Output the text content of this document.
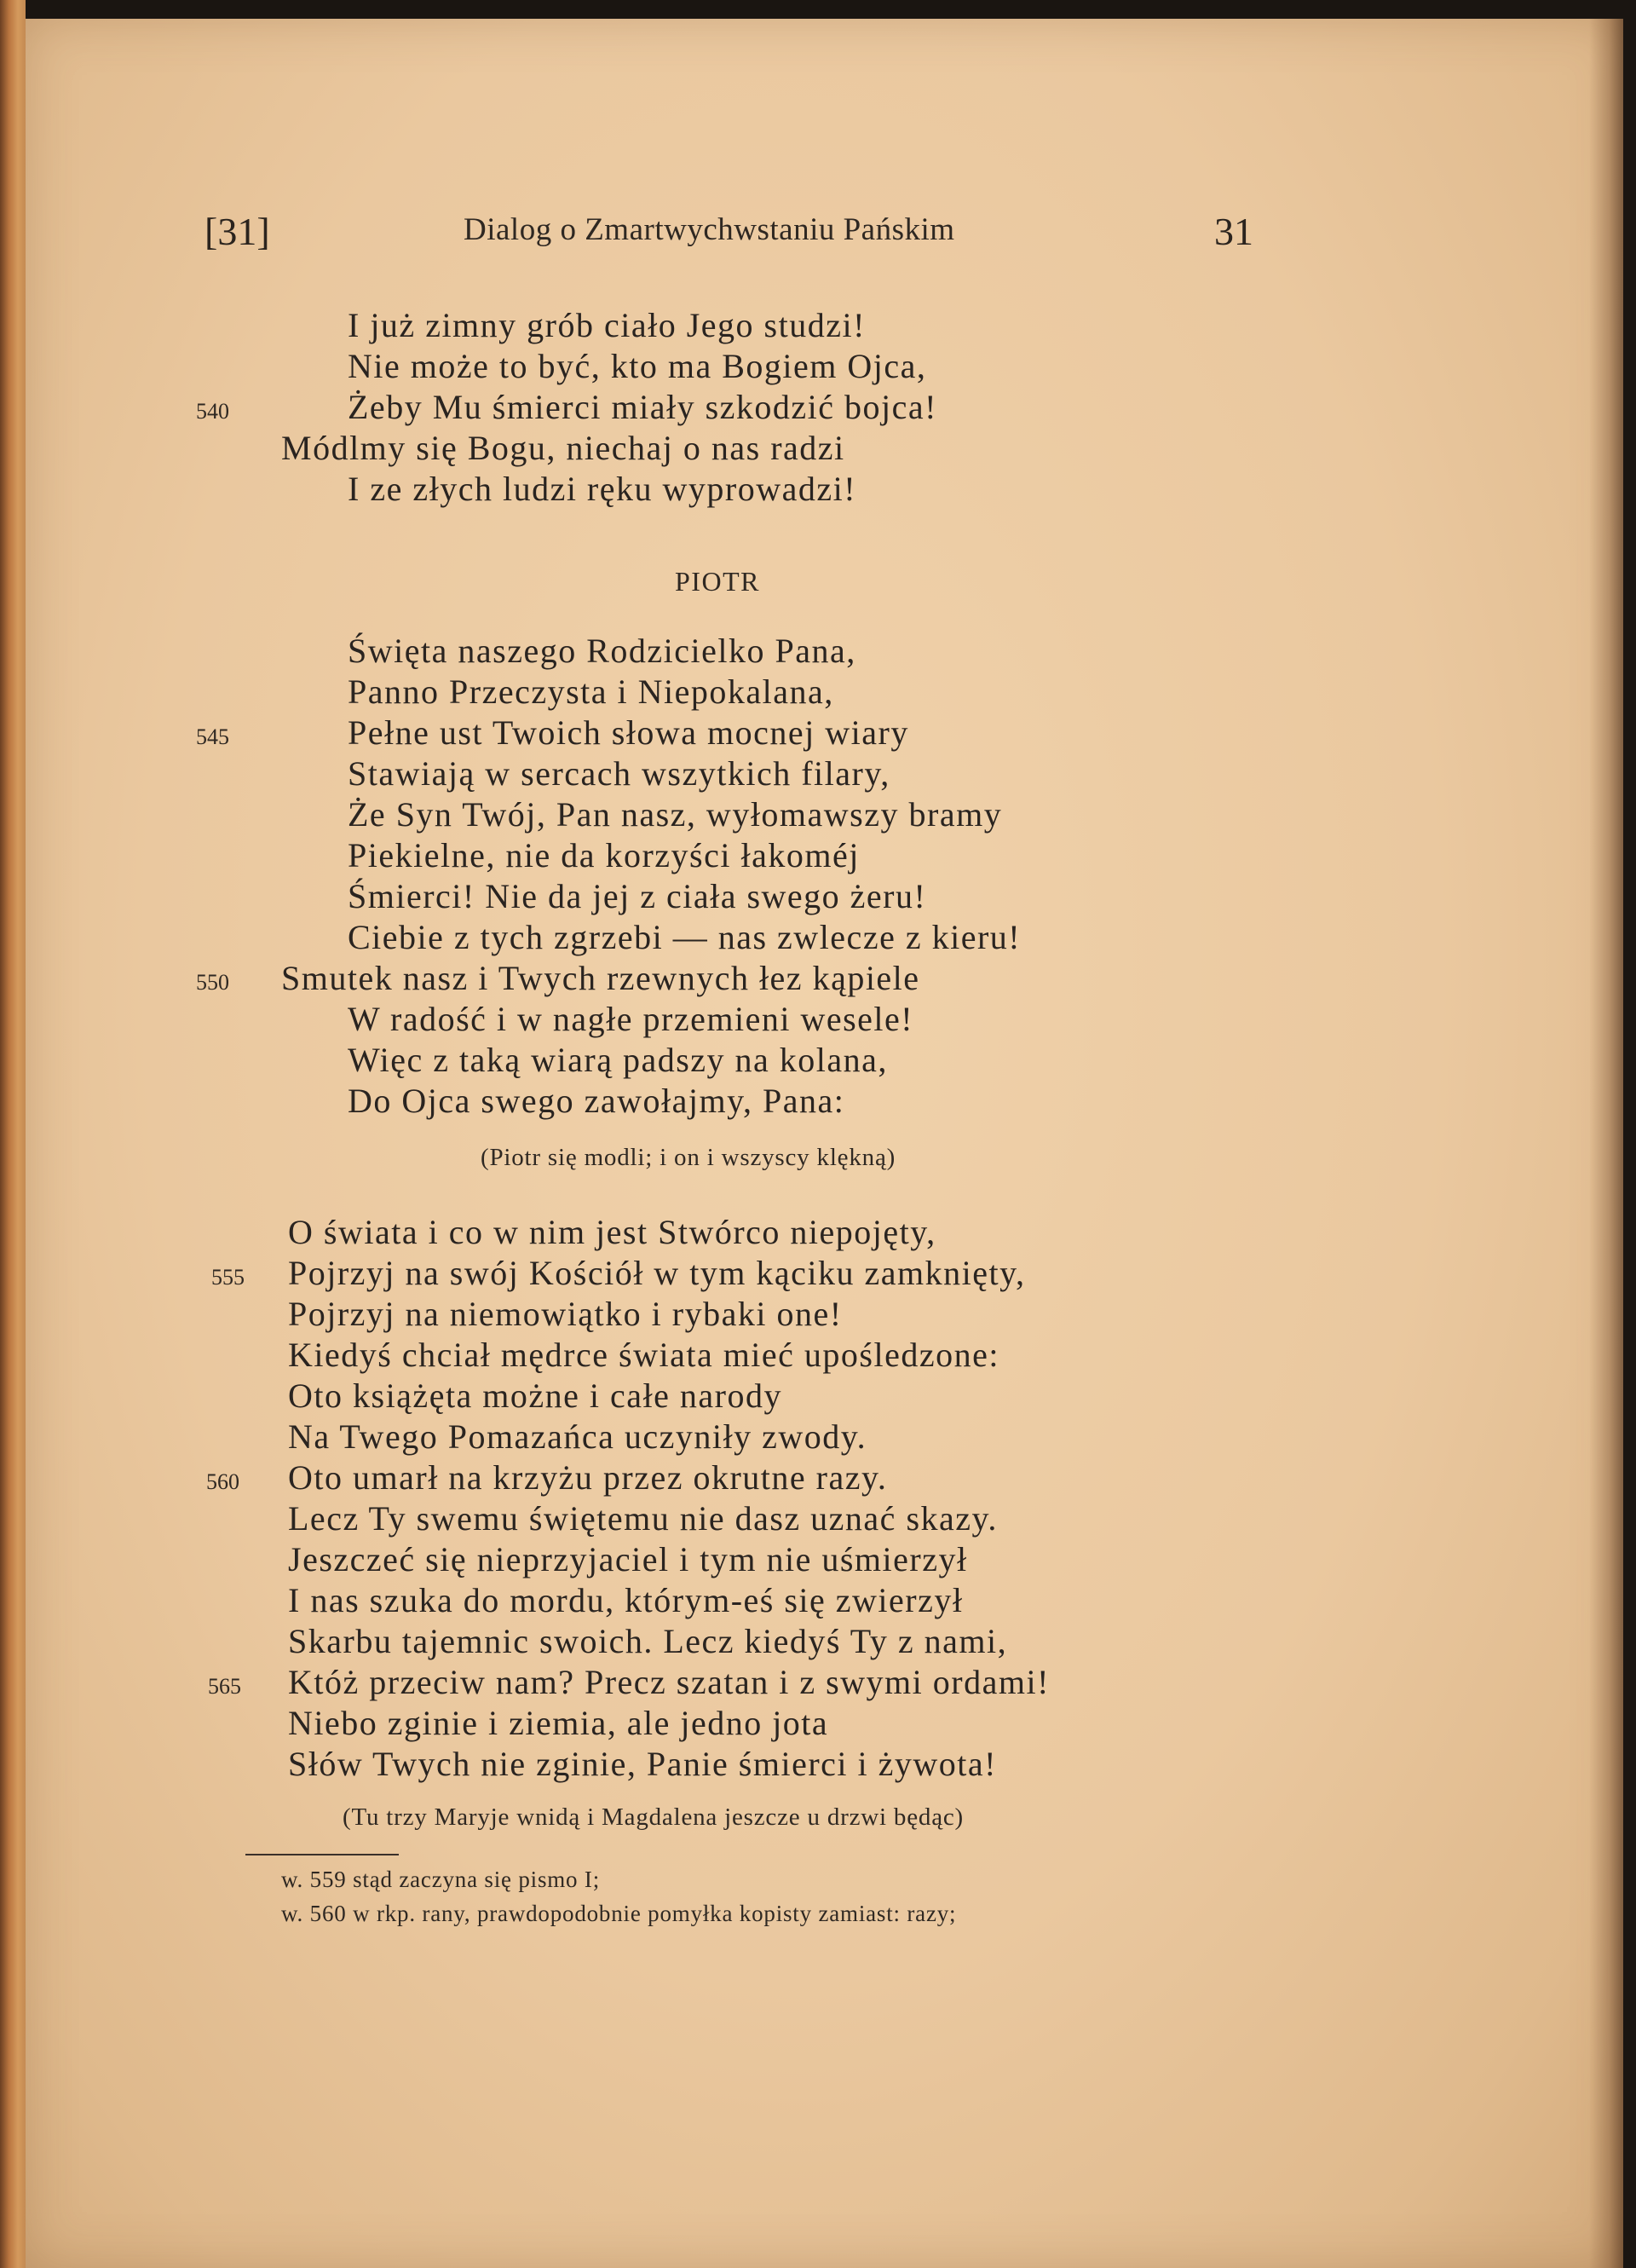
[31]	Dialog o Zmartwychwstaniu Pańskim	31
I już zimny grób ciało Jego studzi!
Nie może to być, kto ma Bogiem Ojca,
540	Żeby Mu śmierci miały szkodzić bojca!
Módlmy się Bogu, niechaj o nas radzi
I ze złych ludzi ręku wyprowadzi!
PIOTR
Święta naszego Rodzicielko Pana,
Panno Przeczysta i Niepokalana,
545	Pełne ust Twoich słowa mocnej wiary
Stawiają w sercach wszytkich filary,
Że Syn Twój, Pan nasz, wyłomawszy bramy
Piekielne, nie da korzyści łakoméj
Śmierci! Nie da jej z ciała swego żeru!
Ciebie z tych zgrzebi — nas zwlecze z kieru!
550 Smutek nasz i Twych rzewnych łez kąpiele
W radość i w nagłe przemieni wesele!
Więc z taką wiarą padszy na kolana,
Do Ojca swego zawołajmy, Pana:
(Piotr się modli; i on i wszyscy klękną)
O świata i co w nim jest Stwórco niepojęty,
555 Pojrzyj na swój Kościół w tym kąciku zamknięty,
Pojrzyj na niemowiątko i rybaki one!
Kiedyś chciał mędrce świata mieć upośledzone:
Oto książęta możne i całe narody
Na Twego Pomazańca uczyniły zwody.
560 Oto umarł na krzyżu przez okrutne razy.
Lecz Ty swemu świętemu nie dasz uznać skazy.
Jeszczeć się nieprzyjaciel i tym nie uśmierzył
I nas szuka do mordu, którym-eś się zwierzył
Skarbu tajemnic swoich. Lecz kiedyś Ty z nami,
565 Któż przeciw nam? Precz szatan i z swymi ordami!
Niebo zginie i ziemia, ale jedno jota
Słów Twych nie zginie, Panie śmierci i żywota!
(Tu trzy Maryje wnidą i Magdalena jeszcze u drzwi będąc)
w. 559 stąd zaczyna się pismo I;
w. 560 w rkp. rany, prawdopodobnie pomyłka kopisty zamiast: razy;
